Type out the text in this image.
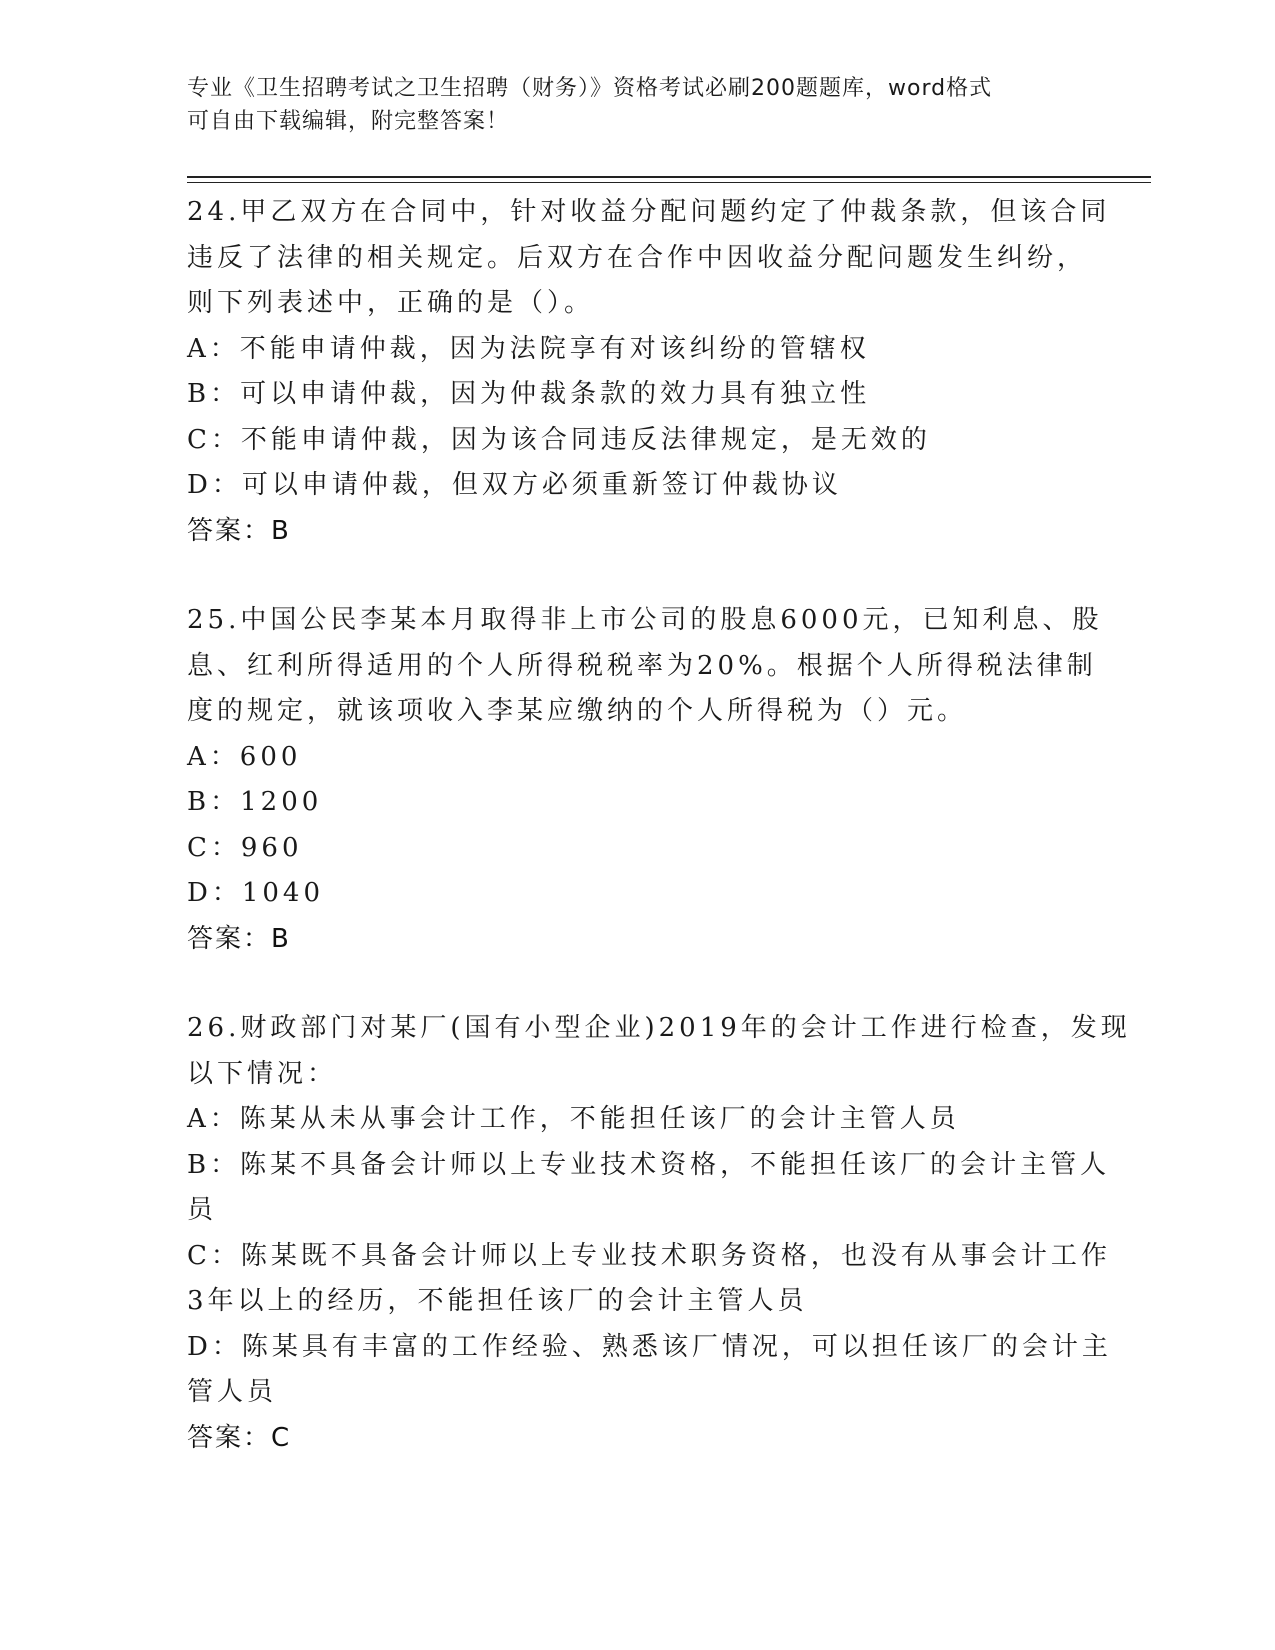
专业《卫生招聘考试之卫生招聘（财务）》资格考试必刷200题题库，word格式
可自由下载编辑，附完整答案！
24.甲乙双方在合同中，针对收益分配问题约定了仲裁条款，但该合同
违反了法律的相关规定。后双方在合作中因收益分配问题发生纠纷，
则下列表述中，正确的是（）。
A：不能申请仲裁，因为法院享有对该纠纷的管辖权
B：可以申请仲裁，因为仲裁条款的效力具有独立性
C：不能申请仲裁，因为该合同违反法律规定，是无效的
D：可以申请仲裁，但双方必须重新签订仲裁协议
答案：B
25.中国公民李某本月取得非上市公司的股息6000元，已知利息、股
息、红利所得适用的个人所得税税率为20%。根据个人所得税法律制
度的规定，就该项收入李某应缴纳的个人所得税为（）元。
A：600
B：1200
C：960
D：1040
答案：B
26.财政部门对某厂(国有小型企业)2019年的会计工作进行检查，发现
以下情况：
A：陈某从未从事会计工作，不能担任该厂的会计主管人员
B：陈某不具备会计师以上专业技术资格，不能担任该厂的会计主管人
员
C：陈某既不具备会计师以上专业技术职务资格，也没有从事会计工作
3年以上的经历，不能担任该厂的会计主管人员
D：陈某具有丰富的工作经验、熟悉该厂情况，可以担任该厂的会计主
管人员
答案：C
